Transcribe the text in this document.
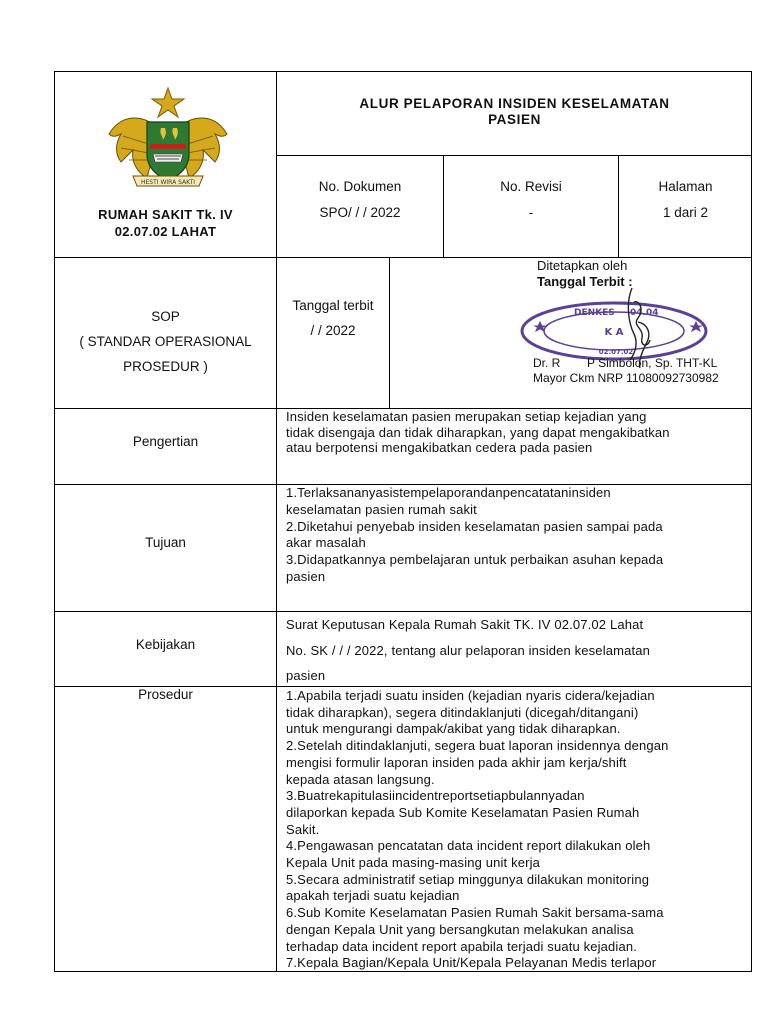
HESTI WIRA SAKTI
RUMAH SAKIT Tk. IV
02.07.02 LAHAT
ALUR PELAPORAN INSIDEN KESELAMATAN
PASIEN
No. Dokumen
SPO/ / / 2022
No. Revisi
-
Halaman
1 dari 2
SOP
( STANDAR OPERASIONAL
PROSEDUR )
Tanggal terbit
/ / 2022
Ditetapkan oleh
Tanggal Terbit :
DENKES 04.04
K A
02.07.02
Dr. R        P Simbolon, Sp. THT-KL
Mayor Ckm NRP 11080092730982
Pengertian

Insiden keselamatan pasien merupakan setiap kejadian yang

tidak disengaja dan tidak diharapkan, yang dapat mengakibatkan

atau berpotensi mengakibatkan cedera pada pasien

Tujuan

1.Terlaksananyasistempelaporandanpencatataninsiden

keselamatan pasien rumah sakit

2.Diketahui penyebab insiden keselamatan pasien sampai pada

akar masalah

3.Didapatkannya pembelajaran untuk perbaikan asuhan kepada

pasien

Kebijakan

Surat Keputusan Kepala Rumah Sakit TK. IV 02.07.02 Lahat

No. SK / / / 2022, tentang alur pelaporan insiden keselamatan

pasien

Prosedur	1.Apabila terjadi suatu insiden (kejadian nyaris cidera/kejadian

tidak diharapkan), segera ditindaklanjuti (dicegah/ditangani)

untuk mengurangi dampak/akibat yang tidak diharapkan.

2.Setelah ditindaklanjuti, segera buat laporan insidennya dengan

mengisi formulir laporan insiden pada akhir jam kerja/shift

kepada atasan langsung.

3.Buatrekapitulasiincidentreportsetiapbulannyadan

dilaporkan kepada Sub Komite Keselamatan Pasien Rumah

Sakit.

4.Pengawasan pencatatan data incident report dilakukan oleh

Kepala Unit pada masing-masing unit kerja

5.Secara administratif setiap minggunya dilakukan monitoring

apakah terjadi suatu kejadian

6.Sub Komite Keselamatan Pasien Rumah Sakit bersama-sama

dengan Kepala Unit yang bersangkutan melakukan analisa

terhadap data incident report apabila terjadi suatu kejadian.

7.Kepala Bagian/Kepala Unit/Kepala Pelayanan Medis terlapor
